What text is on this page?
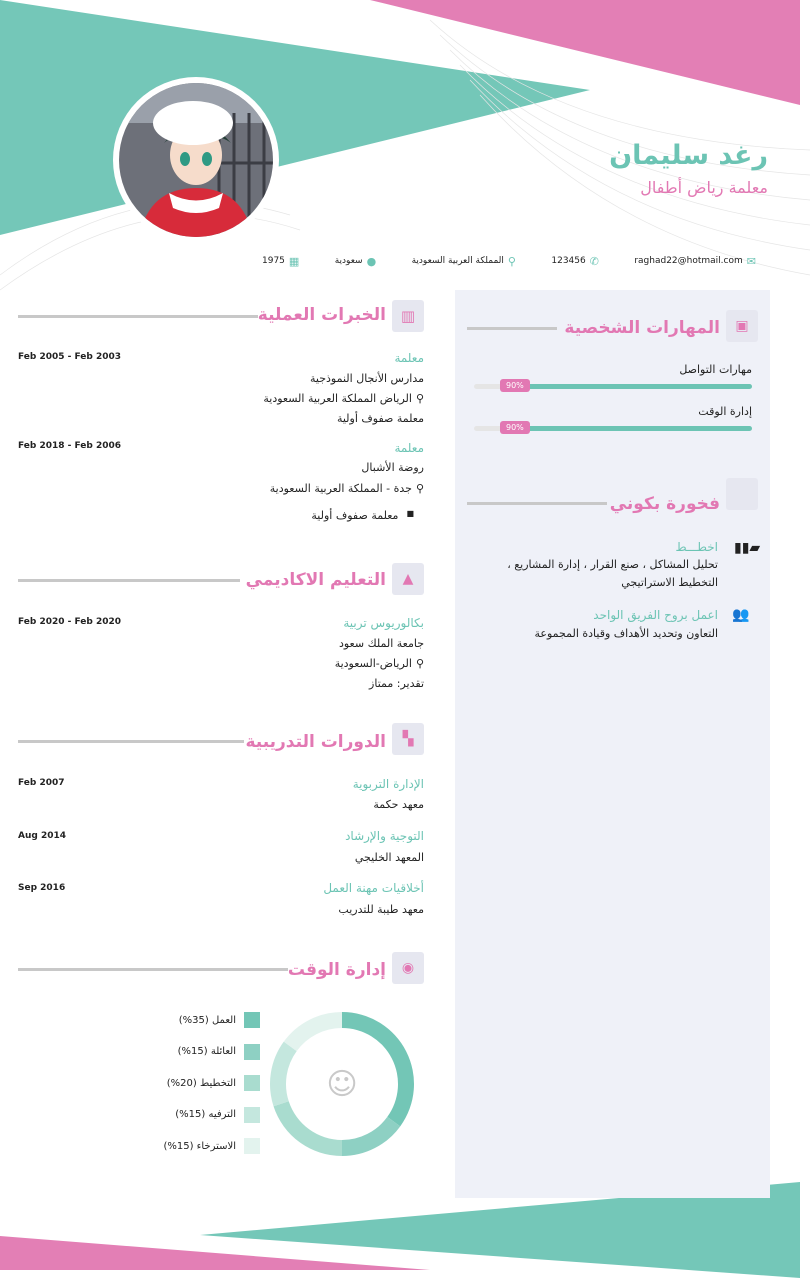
رغد سليمان
معلمة رياض أطفال
1975 ▦	سعودية ●	المملكة العربية السعودية ⚲	123456 ✆	raghad22@hotmail.com ✉
الخبرات العملية ▥
Feb 2005 - Feb 2003	معلمة
مدارس الأنجال النموذجية
⚲
الرياض المملكة العربية السعودية
معلمة صفوف أولية
Feb 2018 - Feb 2006	معلمة
روضة الأشبال
⚲
جدة - المملكة العربية السعودية
■
معلمة صفوف أولية
التعليم الاكاديمي ▲
Feb 2020 - Feb 2020	بكالوريوس تربية
جامعة الملك سعود
⚲
الرياض-السعودية
تقدير: ممتاز
الدورات التدريبية ▚
Feb 2007	الإدارة التربوية
معهد حكمة
Aug 2014	التوجية والإرشاد
المعهد الخليجي
Sep 2016	أخلاقيات مهنة العمل
معهد طيبة للتدريب
إدارة الوقت ◉
العمل (35%)
العائلة (15%)
التخطيط (20%)
الترفيه (15%)
الاسترخاء (15%)
☺
المهارات الشخصية ▣
مهارات التواصل
90%
إدارة الوقت
90%
فخورة بكوني
▮▮▰
اخطـــط
تحليل المشاكل ، صنع القرار ، إدارة المشاريع ،
التخطيط الاستراتيجي
👥
اعمل بروح الفريق الواحد
التعاون وتحديد الأهداف وقيادة المجموعة
